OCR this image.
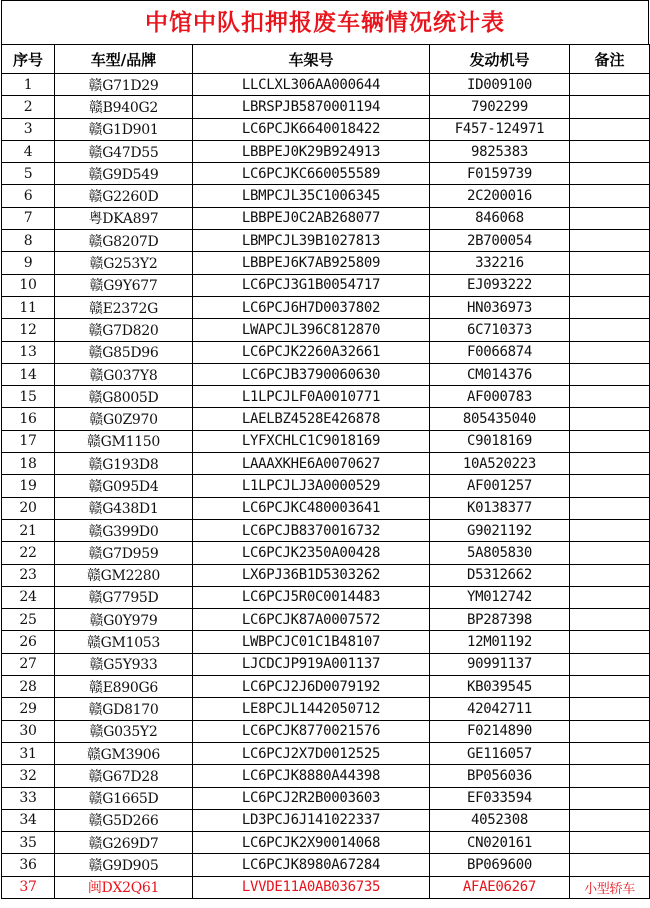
中馆中队扣押报废车辆情况统计表
序号	车型/品牌	车架号	发动机号	备注
1	赣G71D29	LLCLXL306AA000644	ID009100	
2	赣B940G2	LBRSPJB5870001194	7902299	
3	赣G1D901	LC6PCJK6640018422	F457-124971	
4	赣G47D55	LBBPEJ0K29B924913	9825383	
5	赣G9D549	LC6PCJKC660055589	F0159739	
6	赣G2260D	LBMPCJL35C1006345	2C200016	
7	粤DKA897	LBBPEJ0C2AB268077	846068	
8	赣G8207D	LBMPCJL39B1027813	2B700054	
9	赣G253Y2	LBBPEJ6K7AB925809	332216	
10	赣G9Y677	LC6PCJ3G1B0054717	EJ093222	
11	赣E2372G	LC6PCJ6H7D0037802	HN036973	
12	赣G7D820	LWAPCJL396C812870	6C710373	
13	赣G85D96	LC6PCJK2260A32661	F0066874	
14	赣G037Y8	LC6PCJB3790060630	CM014376	
15	赣G8005D	L1LPCJLF0A0010771	AF000783	
16	赣G0Z970	LAELBZ4528E426878	805435040	
17	赣GM1150	LYFXCHLC1C9018169	C9018169	
18	赣G193D8	LAAAXKHE6A0070627	10A520223	
19	赣G095D4	L1LPCJLJ3A0000529	AF001257	
20	赣G438D1	LC6PCJKC480003641	K0138377	
21	赣G399D0	LC6PCJB8370016732	G9021192	
22	赣G7D959	LC6PCJK2350A00428	5A805830	
23	赣GM2280	LX6PJ36B1D5303262	D5312662	
24	赣G7795D	LC6PCJ5R0C0014483	YM012742	
25	赣G0Y979	LC6PCJK87A0007572	BP287398	
26	赣GM1053	LWBPCJC01C1B48107	12M01192	
27	赣G5Y933	LJCDCJP919A001137	90991137	
28	赣E890G6	LC6PCJ2J6D0079192	KB039545	
29	赣GD8170	LE8PCJL1442050712	42042711	
30	赣G035Y2	LC6PCJK8770021576	F0214890	
31	赣GM3906	LC6PCJ2X7D0012525	GE116057	
32	赣G67D28	LC6PCJK8880A44398	BP056036	
33	赣G1665D	LC6PCJ2R2B0003603	EF033594	
34	赣G5D266	LD3PCJ6J141022337	4052308	
35	赣G269D7	LC6PCJK2X90014068	CN020161	
36	赣G9D905	LC6PCJK8980A67284	BP069600	
37	闽DX2Q61	LVVDE11A0AB036735	AFAE06267	小型轿车
